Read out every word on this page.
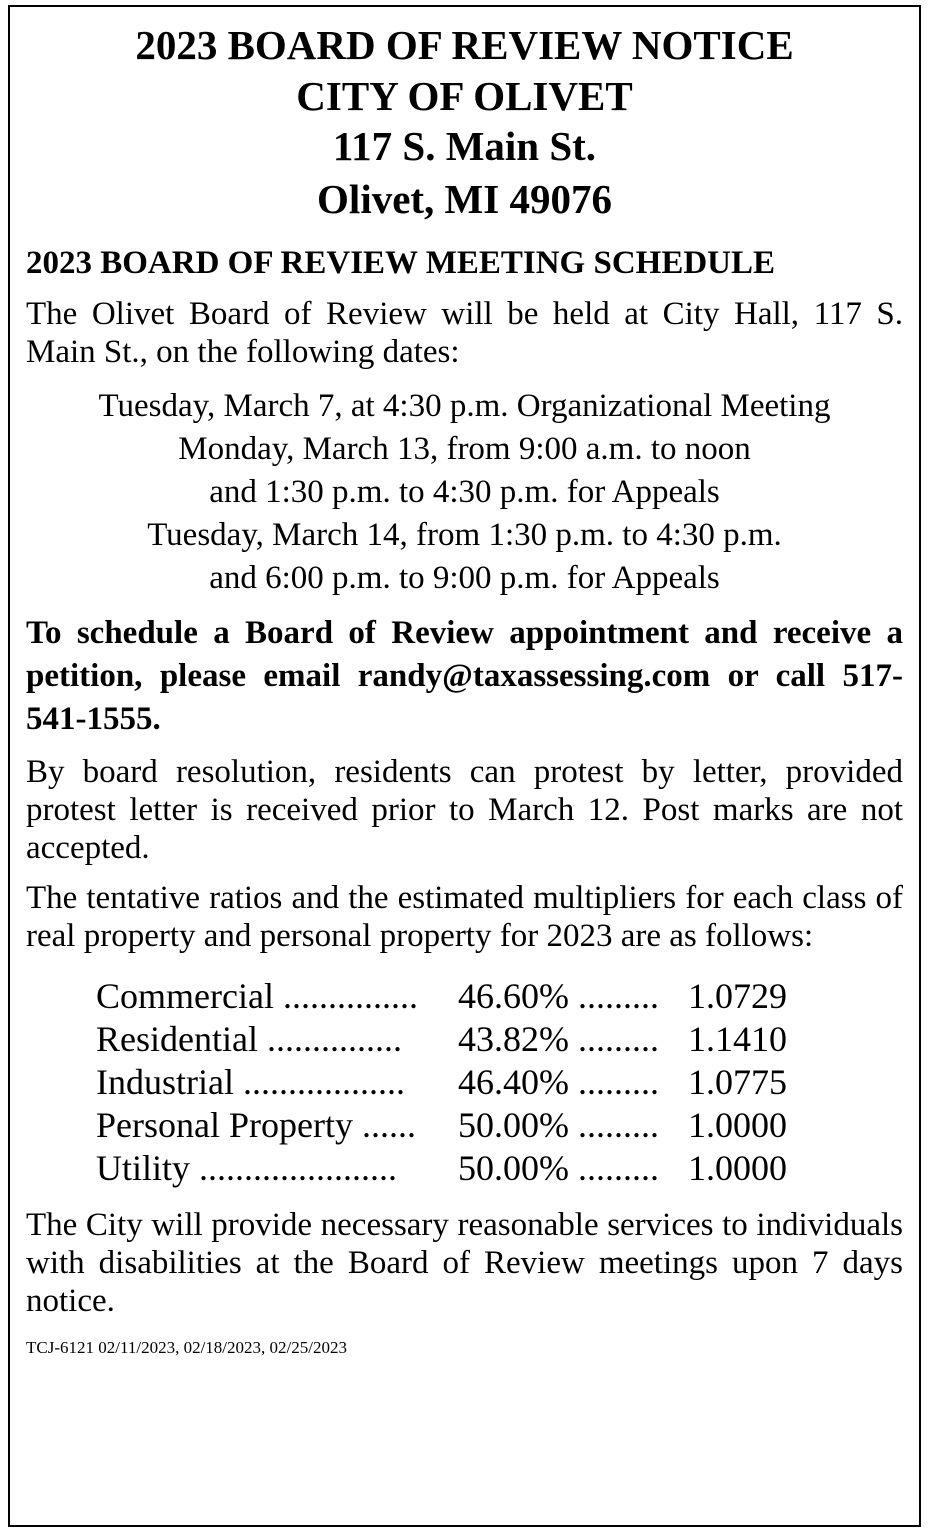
2023 BOARD OF REVIEW NOTICE

CITY OF OLIVET

117 S. Main St.

Olivet, MI 49076

2023 BOARD OF REVIEW MEETING SCHEDULE
The Olivet Board of Review will be held at City Hall, 117 S. Main St., on the following dates:
Tuesday, March 7, at 4:30 p.m. Organizational Meeting
Monday, March 13, from 9:00 a.m. to noon
and 1:30 p.m. to 4:30 p.m. for Appeals
Tuesday, March 14, from 1:30 p.m. to 4:30 p.m.
and 6:00 p.m. to 9:00 p.m. for Appeals
To schedule a Board of Review appointment and receive a petition, please email randy@taxassessing.com or call 517-541-1555.
By board resolution, residents can protest by letter, provided protest letter is received prior to March 12. Post marks are not accepted.
The tentative ratios and the estimated multipliers for each class of real property and personal property for 2023 are as follows:
Commercial ...............	46.60% ......... 1.0729
Residential ...............	43.82% ......... 1.1410
Industrial ..................	46.40% ......... 1.0775
Personal Property ......	50.00% ......... 1.0000
Utility ......................	50.00% ......... 1.0000
The City will provide necessary reasonable services to individuals with disabilities at the Board of Review meetings upon 7 days notice.
TCJ-6121 02/11/2023, 02/18/2023, 02/25/2023
